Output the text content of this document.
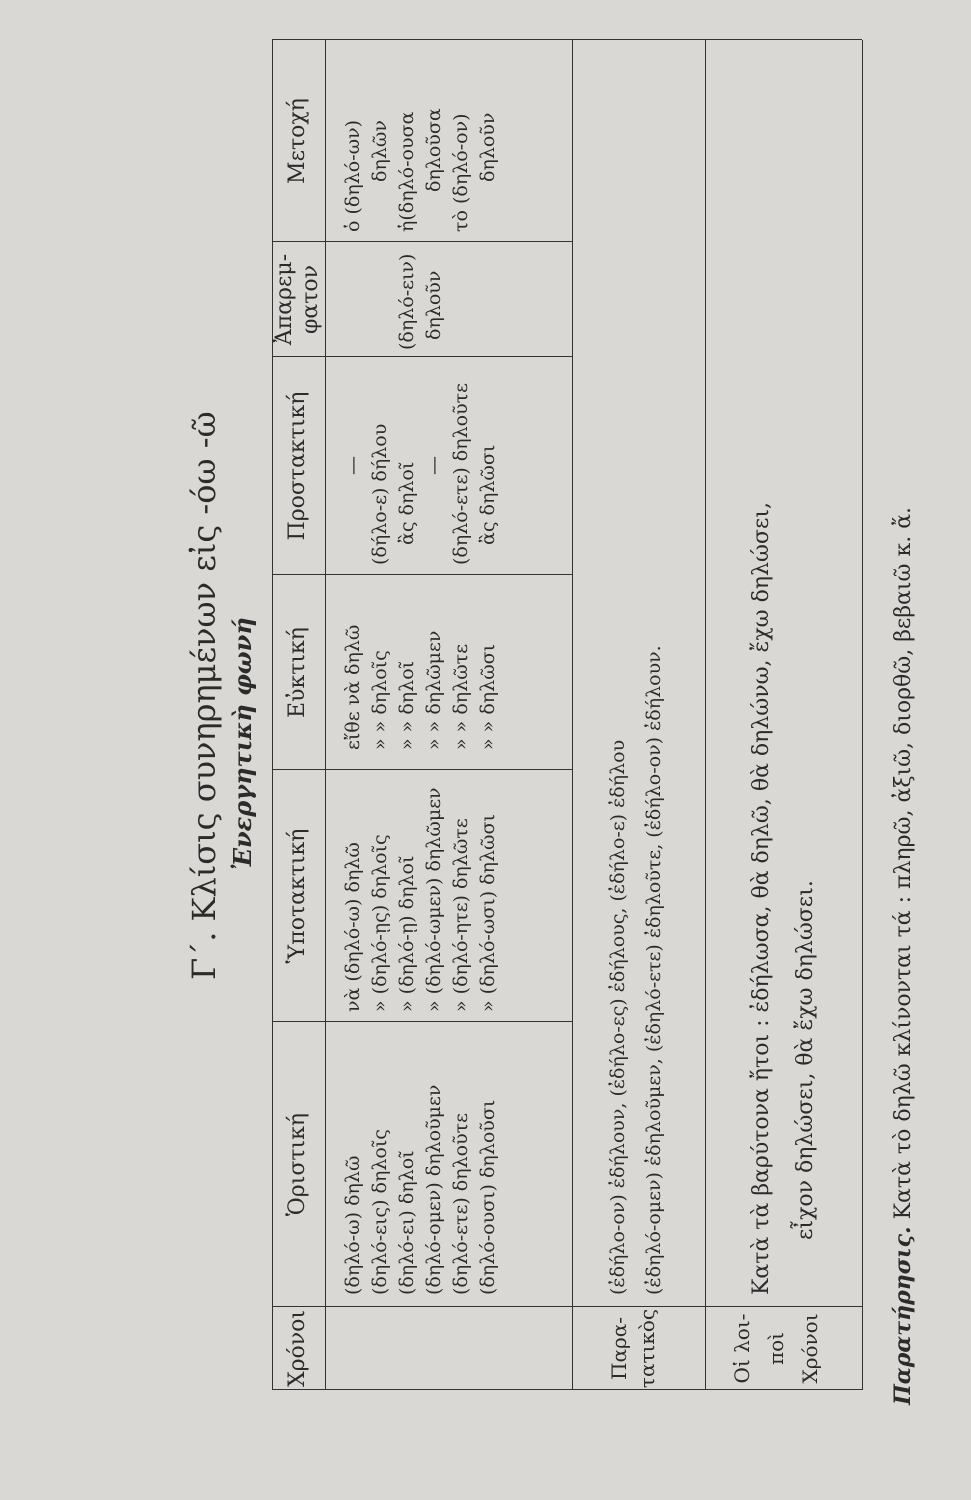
Γ΄. Κλίσις συνηρημένων εἰς -όω -ῶ Ἐνεργητικὴ φωνή
Χρόνοι
Ὁριστική
Ὑποτακτική
Εὐκτική
Προστακτική
Ἀπαρεμ- φατον
Μετοχή
(δηλό-ω) δηλῶ (δηλό-εις) δηλοῖς (δηλό-ει) δηλοῖ (δηλό-ομεν) δηλοῦμεν (δηλό-ετε) δηλοῦτε (δηλό-ουσι) δηλοῦσι
νὰ (δηλό-ω) δηλῶ » (δηλό-ῃς) δηλοῖς » (δηλό-ῃ) δηλοῖ » (δηλό-ωμεν) δηλῶμεν » (δηλό-ητε) δηλῶτε » (δηλό-ωσι) δηλῶσι
εἴθε νὰ δηλῶ » » δηλοῖς » » δηλοῖ » » δηλῶμεν » » δηλῶτε » » δηλῶσι
— (δήλο-ε) δήλου ἂς δηλοῖ — (δηλό-ετε) δηλοῦτε ἂς δηλῶσι
(δηλό-ειν) δηλοῦν
ὁ (δηλό-ων) δηλῶν ἡ(δηλό-ουσα δηλοῦσα τὸ (δηλό-ον) δηλοῦν
Παρα- τατικὸς
(ἐδήλο-ον) ἐδήλουν, (ἐδήλο-ες) ἐδήλους, (ἐδήλο-ε) ἐδήλου (ἐδηλό-ομεν) ἐδηλοῦμεν, (ἐδηλό-ετε) ἐδηλοῦτε, (ἐδήλο-ον) ἐδήλουν.
Οἱ λοι- ποὶ Χρόνοι
Κατὰ τὰ βαρύτονα ἤτοι : ἐδήλωσα, θὰ δηλῶ, θὰ δηλώνω, ἔχω δηλώσει, εἶχον δηλώσει, θὰ ἔχω δηλώσει.
Παρατήρησις. Κατὰ τὸ δηλῶ κλίνονται τά : πληρῶ, ἀξιῶ, διορθῶ, βεβαιῶ κ. ἄ.
